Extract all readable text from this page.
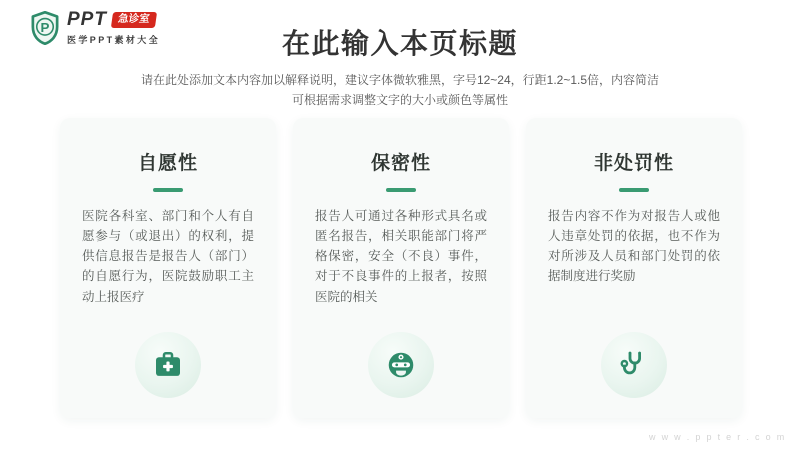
P PPT 急诊室
医学PPT素材大全	在此输入本页标题
请在此处添加文本内容加以解释说明，建议字体微软雅黑，字号12~24，行距1.2~1.5倍，内容简洁
可根据需求调整文字的大小或颜色等属性
自愿性

医院各科室、部门和个人有自愿参与（或退出）的权利，提供信息报告是报告人（部门）的自愿行为，医院鼓励职工主动上报医疗

保密性

报告人可通过各种形式具名或匿名报告，相关职能部门将严格保密，安全（不良）事件，对于不良事件的上报者，按照医院的相关

非处罚性

报告内容不作为对报告人或他人违章处罚的依据，也不作为对所涉及人员和部门处罚的依据制度进行奖励

w w w . p p t e r . c o m
